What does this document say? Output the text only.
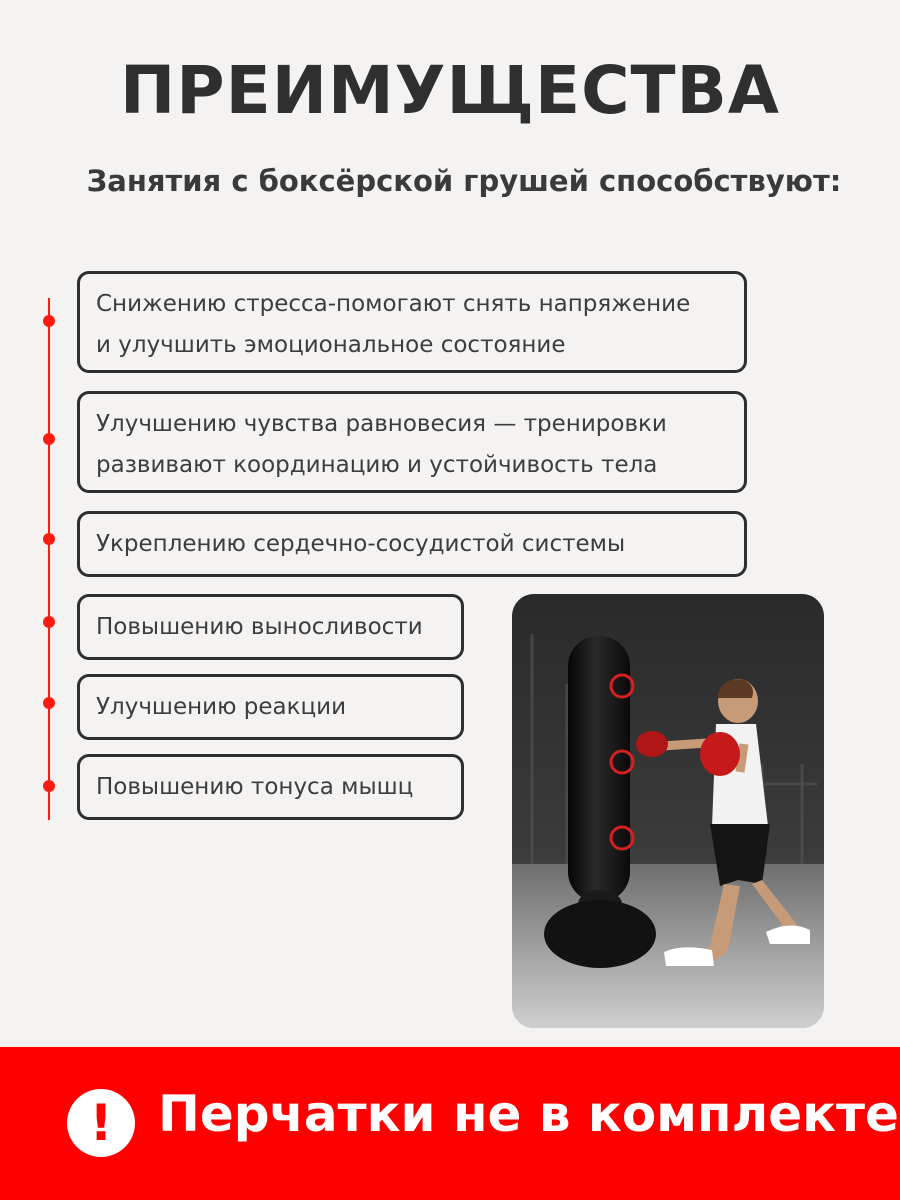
ПРЕИМУЩЕСТВА
Занятия с боксёрской грушей способствуют:
Снижению стресса-помогают снять напряжение
и улучшить эмоциональное состояние
Улучшению чувства равновесия — тренировки
развивают координацию и устойчивость тела
Укреплению сердечно-сосудистой системы
Повышению выносливости
Улучшению реакции
Повышению тонуса мышц
! Перчатки не в комплекте
